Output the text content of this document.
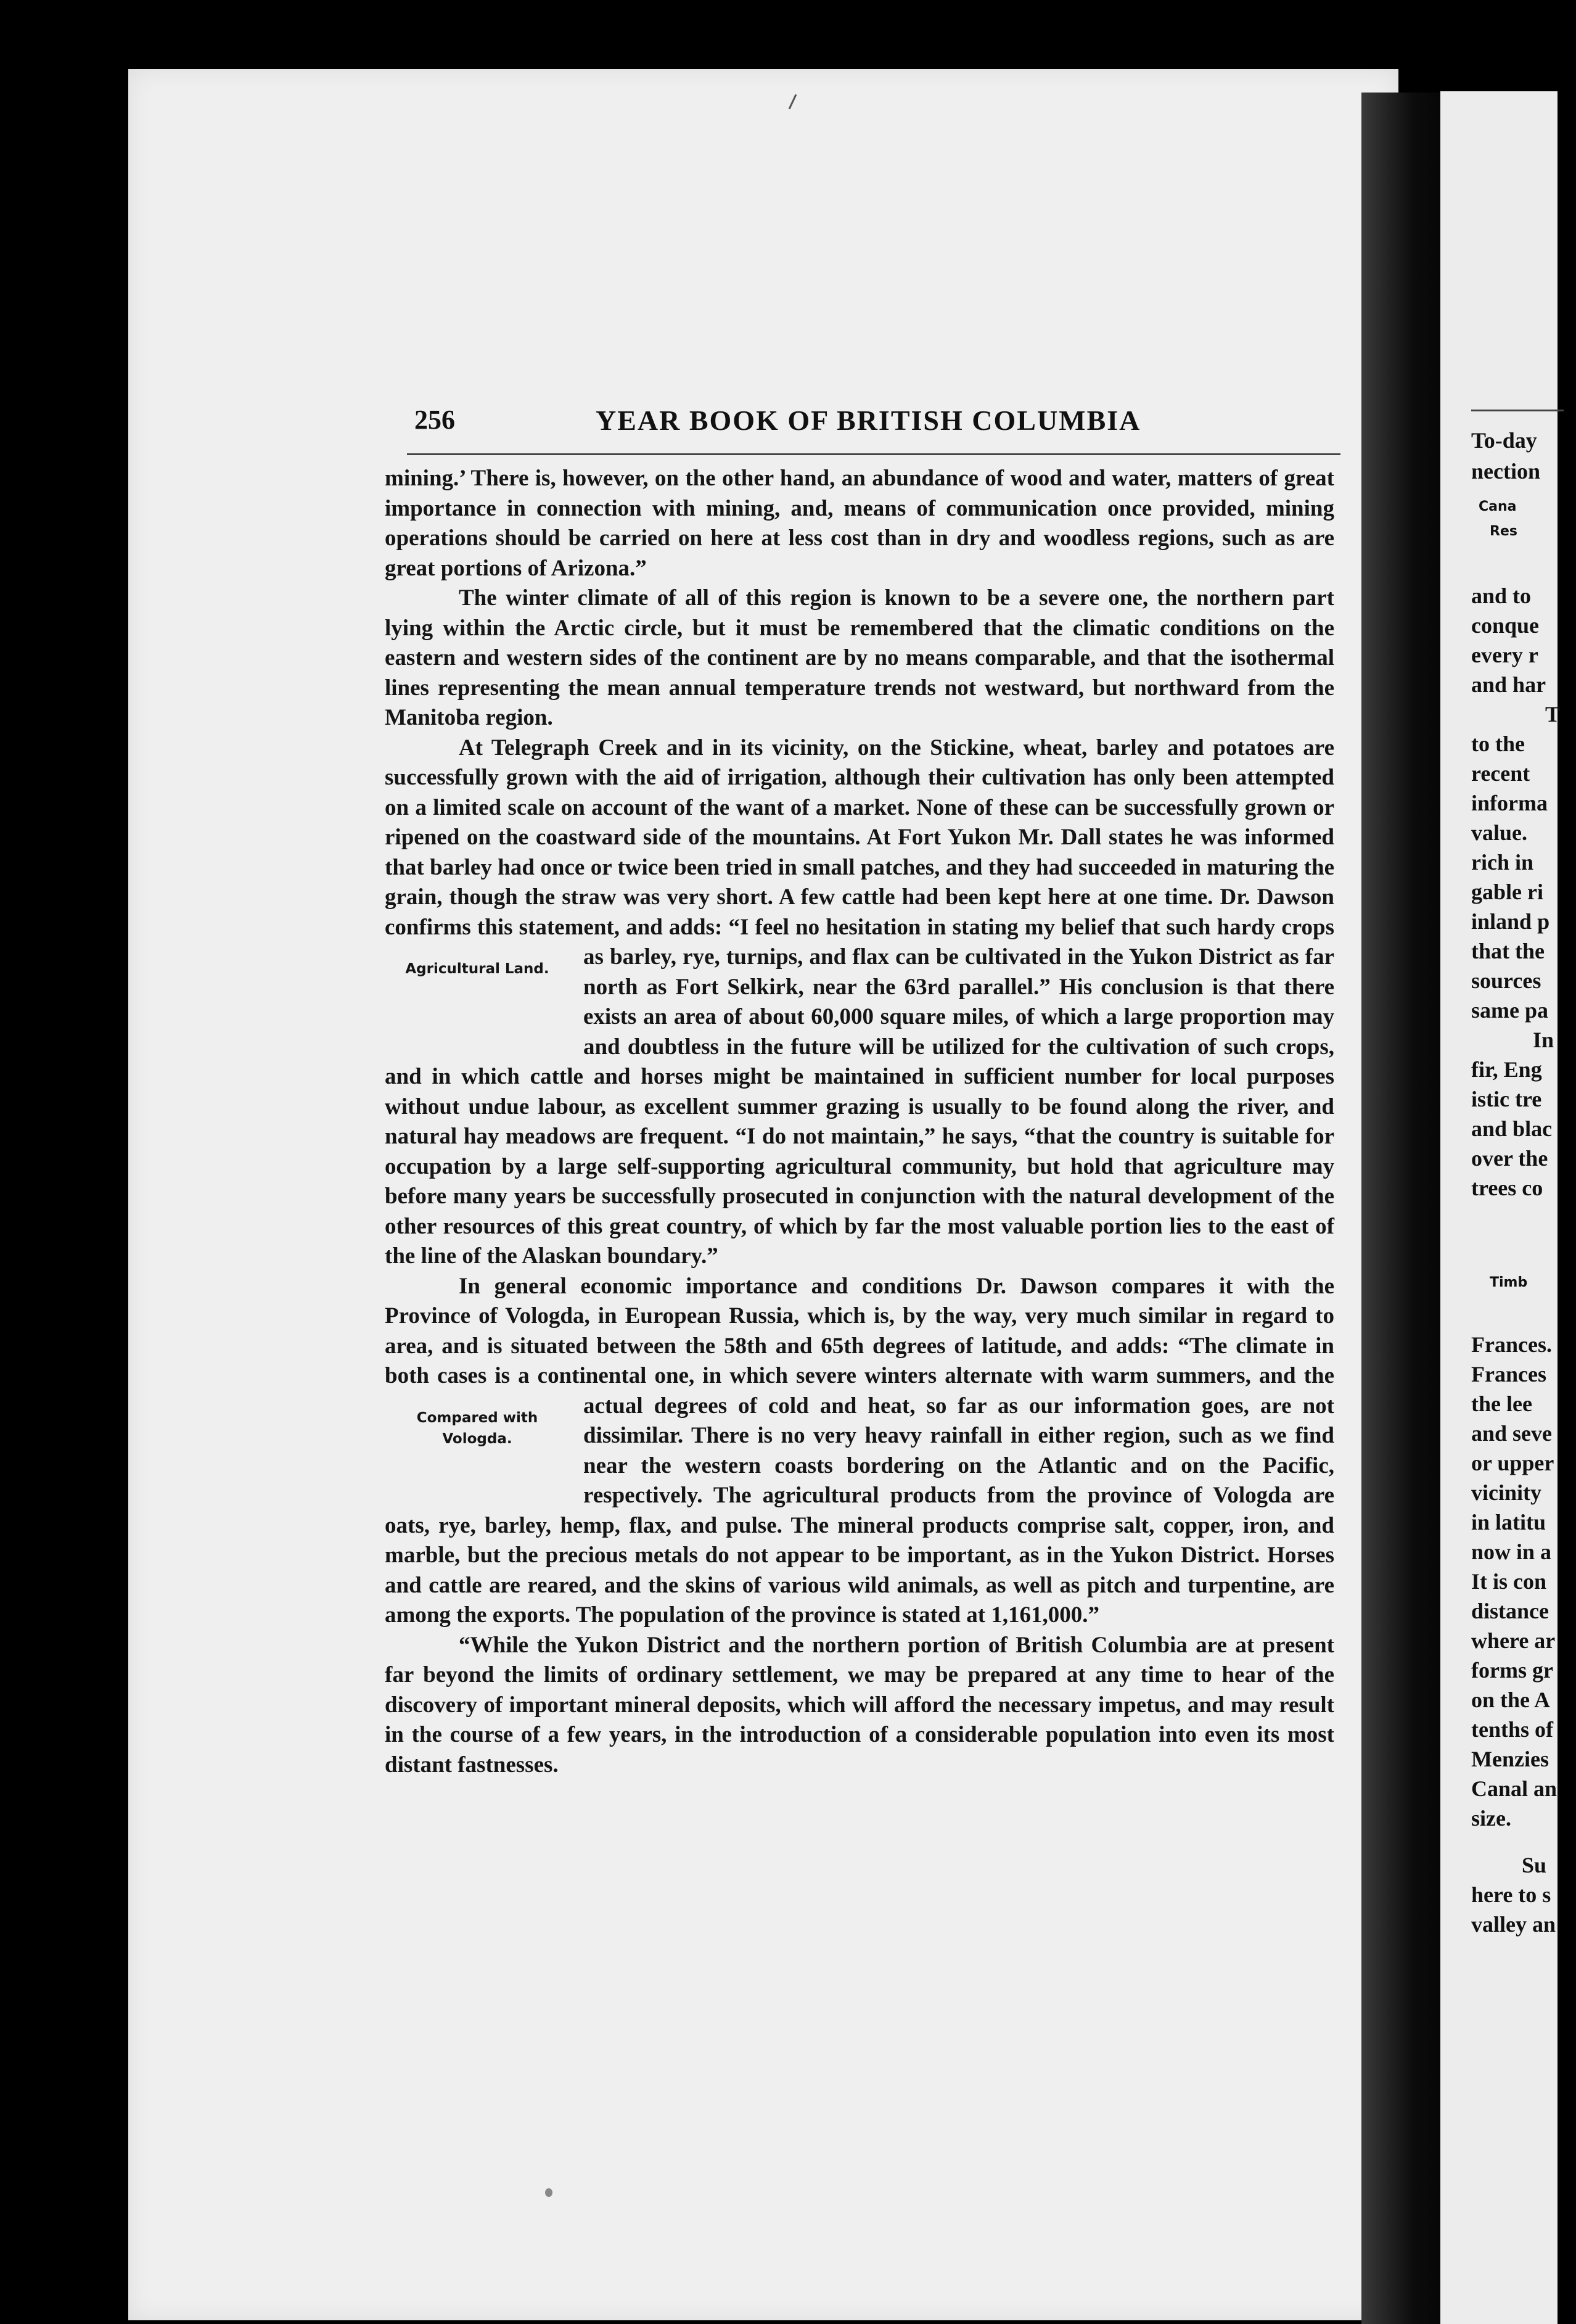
256	YEAR BOOK OF BRITISH COLUMBIA

mining.’ There is, however, on the other hand, an abundance of wood and water, matters of great importance in connection with mining, and, means of communication once provided, mining operations should be carried on here at less cost than in dry and woodless regions, such as are great portions of Arizona.”

The winter climate of all of this region is known to be a severe one, the northern part lying within the Arctic circle, but it must be remembered that the climatic conditions on the eastern and western sides of the continent are by no means comparable, and that the isothermal lines representing the mean annual temperature trends not westward, but northward from the Manitoba region.

At Telegraph Creek and in its vicinity, on the Stickine, wheat, barley and potatoes are successfully grown with the aid of irrigation, although their cultivation has only been attempted on a limited scale on account of the want of a market. None of these can be successfully grown or ripened on the coastward side of the mountains. At Fort Yukon Mr. Dall states he was informed that barley had once or twice been tried in small patches, and they had succeeded in maturing the grain, though the straw was very short. A few cattle had been kept here at one time. Dr. Dawson confirms this statement, and adds: “I feel no hesitation in stating my belief that such hardy crops as barley, rye, turnips,
Agricultural Land.	and flax can be cultivated in the Yukon District as far north as Fort Selkirk, near the 63rd parallel.” His conclusion is that there exists an area of about 60,000 square miles, of which a large proportion may and doubtless in the future will be utilized for the cultivation of such crops, and in which cattle and horses might be maintained in sufficient number for local purposes without undue labour, as excellent summer grazing is usually to be found along the river, and natural hay meadows are frequent. “I do not maintain,” he says, “that the country is suitable for occupation by a large self-supporting agricultural community, but hold that agriculture may before many years be successfully prosecuted in conjunction with the natural development of the other resources of this great country, of which by far the most valuable portion lies to the east of the line of the Alaskan boundary.”

In general economic importance and conditions Dr. Dawson compares it with the Province of Vologda, in European Russia, which is, by the way, very much similar in regard to area, and is situated between the 58th and 65th degrees of latitude, and adds: “The climate in both cases is a continental one, in which severe winters alternate with warm summers, and the actual degrees of cold and
Compared with Vologda.
heat, so far as our information goes, are not dissimilar. There is no very heavy rainfall in either region, such as we find near the western coasts bordering on the Atlantic and on the Pacific, respectively. The agricultural products from the province of Vologda are oats, rye, barley, hemp, flax, and pulse. The mineral products comprise salt, copper, iron, and marble, but the precious metals do not appear to be important, as in the Yukon District. Horses and cattle are reared, and the skins of various wild animals, as well as pitch and turpentine, are among the exports. The population of the province is stated at 1,161,000.”

“While the Yukon District and the northern portion of British Columbia are at present far beyond the limits of ordinary settlement, we may be prepared at any time to hear of the discovery of important mineral deposits, which will afford the necessary impetus, and may result in the course of a few years, in the introduction of a considerable population into even its most distant fastnesses.

To-day
nection
Cana
Res
and to
conque
every r
and har
T
to the
recent
informa
value.
rich in
gable ri
inland p
that the
sources
same pa
In
fir, Eng
istic tre
and blac
over the
trees co
Timb
Frances.
Frances
the lee
and seve
or upper
vicinity
in latitu
now in a
It is con
distance
where ar
forms gr
on the A
tenths of
Menzies
Canal an
size.
Su
here to s
valley an
